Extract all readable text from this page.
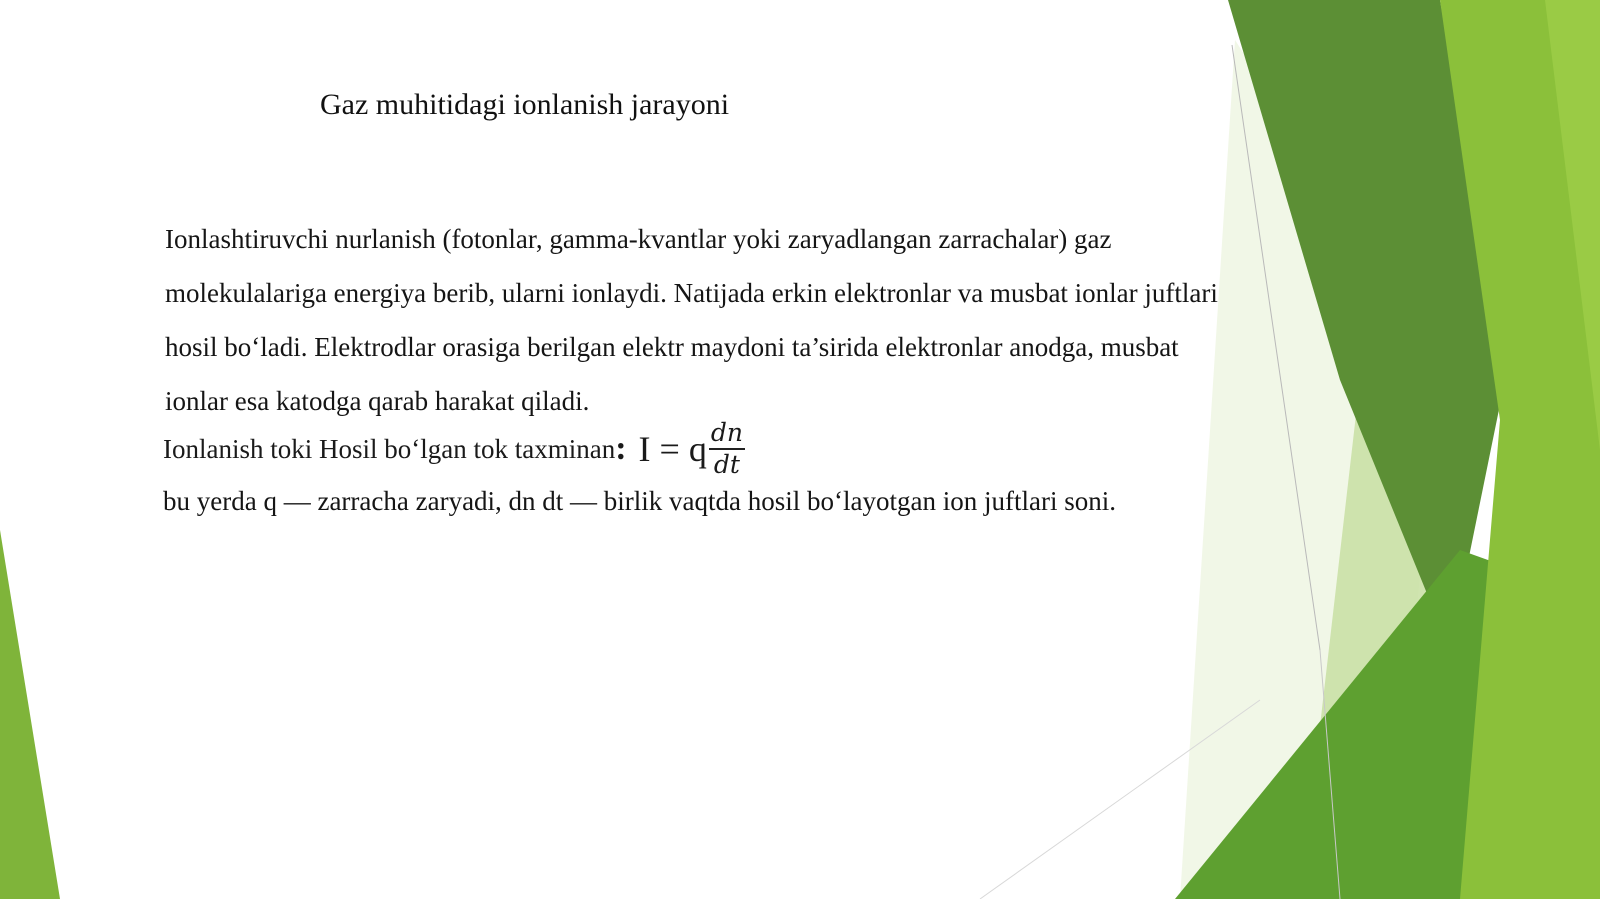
Gaz muhitidagi ionlanish jarayoni

Ionlashtiruvchi nurlanish (fotonlar, gamma-kvantlar yoki zaryadlangan zarrachalar) gaz

molekulalariga energiya berib, ularni ionlaydi. Natijada erkin elektronlar va musbat ionlar juftlari

hosil bo‘ladi. Elektrodlar orasiga berilgan elektr maydoni ta’sirida elektronlar anodga, musbat

ionlar esa katodga qarab harakat qiladi.

Ionlanish toki Hosil bo‘lgan tok taxminan : I = q $\frac{dn}{dt}$
bu yerda q — zarracha zaryadi, dn dt — birlik vaqtda hosil bo‘layotgan ion juftlari soni.
